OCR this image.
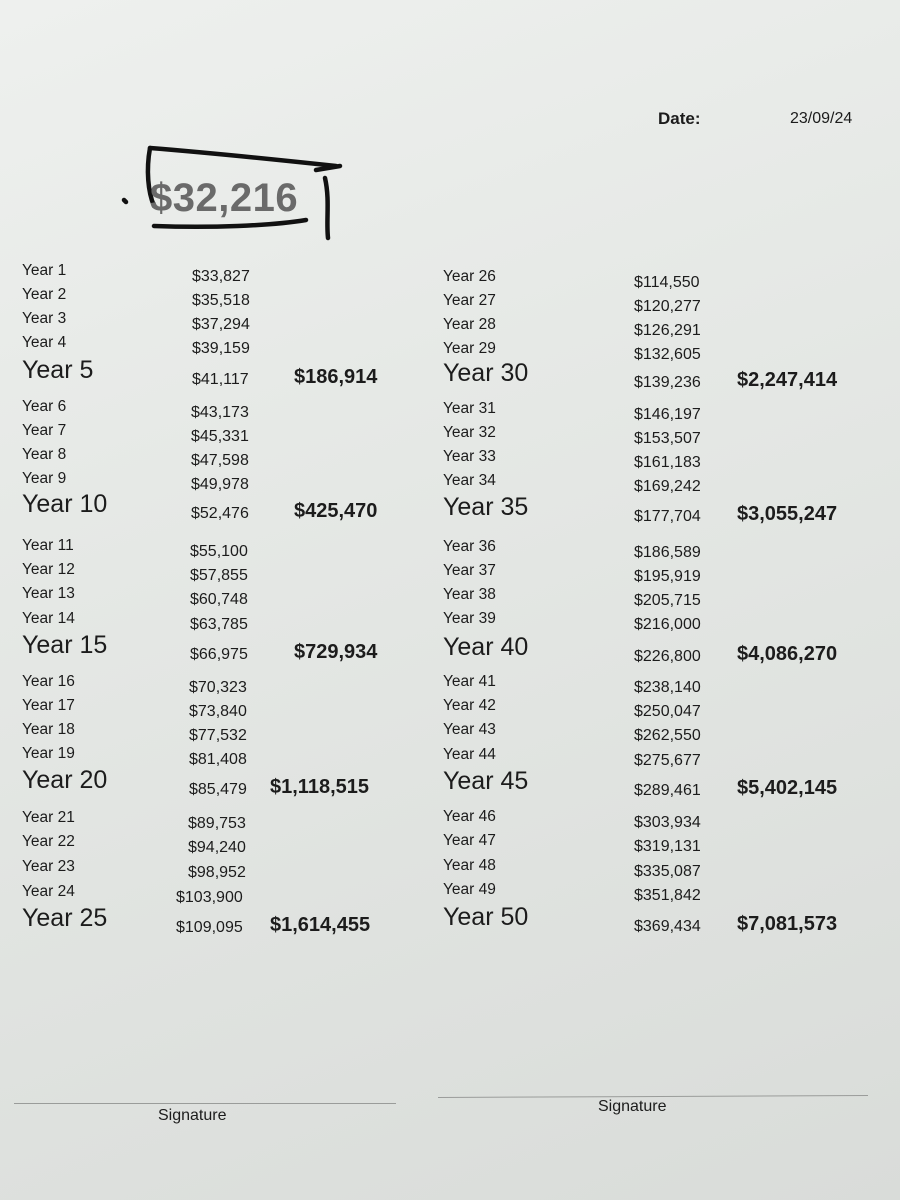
Date:	23/09/24
$32,216
Year 1	$33,827
Year 2	$35,518
Year 3	$37,294
Year 4	$39,159
Year 5	$41,117 $186,914
Year 6	$43,173
Year 7	$45,331
Year 8	$47,598
Year 9	$49,978
Year 10	$52,476 $425,470
Year 11	$55,100
Year 12	$57,855
Year 13	$60,748
Year 14	$63,785
Year 15	$66,975 $729,934
Year 16	$70,323
Year 17	$73,840
Year 18	$77,532
Year 19	$81,408
Year 20	$85,479 $1,118,515
Year 21	$89,753
Year 22	$94,240
Year 23	$98,952
Year 24	$103,900
Year 25	$109,095 $1,614,455
Year 26	$114,550
Year 27	$120,277
Year 28	$126,291
Year 29	$132,605
Year 30	$139,236 $2,247,414
Year 31	$146,197
Year 32	$153,507
Year 33	$161,183
Year 34	$169,242
Year 35	$177,704 $3,055,247
Year 36	$186,589
Year 37	$195,919
Year 38	$205,715
Year 39	$216,000
Year 40	$226,800 $4,086,270
Year 41	$238,140
Year 42	$250,047
Year 43	$262,550
Year 44	$275,677
Year 45	$289,461 $5,402,145
Year 46	$303,934
Year 47	$319,131
Year 48	$335,087
Year 49	$351,842
Year 50	$369,434 $7,081,573
Signature
Signature
